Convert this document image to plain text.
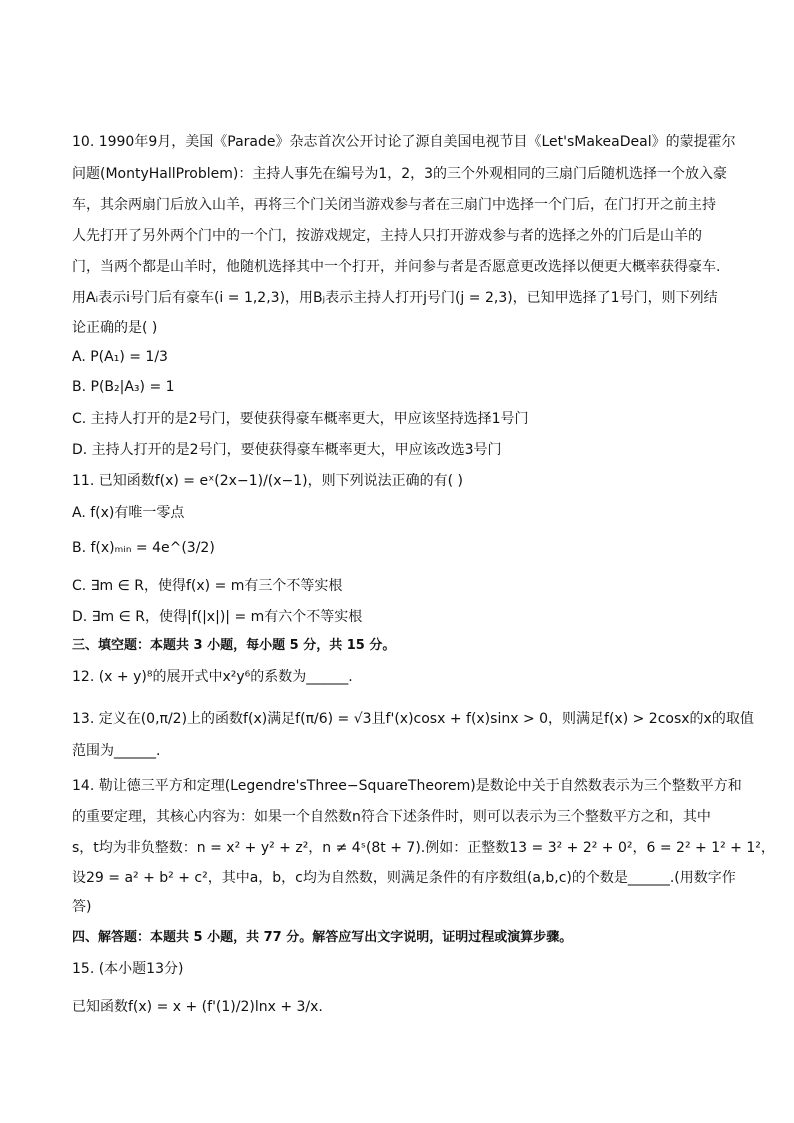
10. 1990年9月，美国《Parade》杂志首次公开讨论了源自美国电视节目《Let'sMakeaDeal》的蒙提霍尔
问题(MontyHallProblem)：主持人事先在编号为1，2，3的三个外观相同的三扇门后随机选择一个放入豪
车，其余两扇门后放入山羊，再将三个门关闭当游戏参与者在三扇门中选择一个门后，在门打开之前主持
人先打开了另外两个门中的一个门，按游戏规定，主持人只打开游戏参与者的选择之外的门后是山羊的
门，当两个都是山羊时，他随机选择其中一个打开，并问参与者是否愿意更改选择以便更大概率获得豪车.
用Aᵢ表示i号门后有豪车(i = 1,2,3)，用Bⱼ表示主持人打开j号门(j = 2,3)，已知甲选择了1号门，则下列结
论正确的是( )
A. P(A₁) = 1/3
B. P(B₂|A₃) = 1
C. 主持人打开的是2号门，要使获得豪车概率更大，甲应该坚持选择1号门
D. 主持人打开的是2号门，要使获得豪车概率更大，甲应该改选3号门
11. 已知函数f(x) = eˣ(2x−1)/(x−1)，则下列说法正确的有( )
A. f(x)有唯一零点
B. f(x)ₘᵢₙ = 4e^(3/2)
C. ∃m ∈ R，使得f(x) = m有三个不等实根
D. ∃m ∈ R，使得|f(|x|)| = m有六个不等实根
三、填空题：本题共 3 小题，每小题 5 分，共 15 分。
12. (x + y)⁸的展开式中x²y⁶的系数为______.
13. 定义在(0,π/2)上的函数f(x)满足f(π/6) = √3且f'(x)cosx + f(x)sinx > 0，则满足f(x) > 2cosx的x的取值
范围为______.
14. 勒让德三平方和定理(Legendre'sThree−SquareTheorem)是数论中关于自然数表示为三个整数平方和
的重要定理，其核心内容为：如果一个自然数n符合下述条件时，则可以表示为三个整数平方之和，其中
s，t均为非负整数：n = x² + y² + z²，n ≠ 4ˢ(8t + 7).例如：正整数13 = 3² + 2² + 0²，6 = 2² + 1² + 1²，
设29 = a² + b² + c²，其中a，b，c均为自然数，则满足条件的有序数组(a,b,c)的个数是______.(用数字作
答)
四、解答题：本题共 5 小题，共 77 分。解答应写出文字说明，证明过程或演算步骤。
15. (本小题13分)
已知函数f(x) = x + (f'(1)/2)lnx + 3/x.
